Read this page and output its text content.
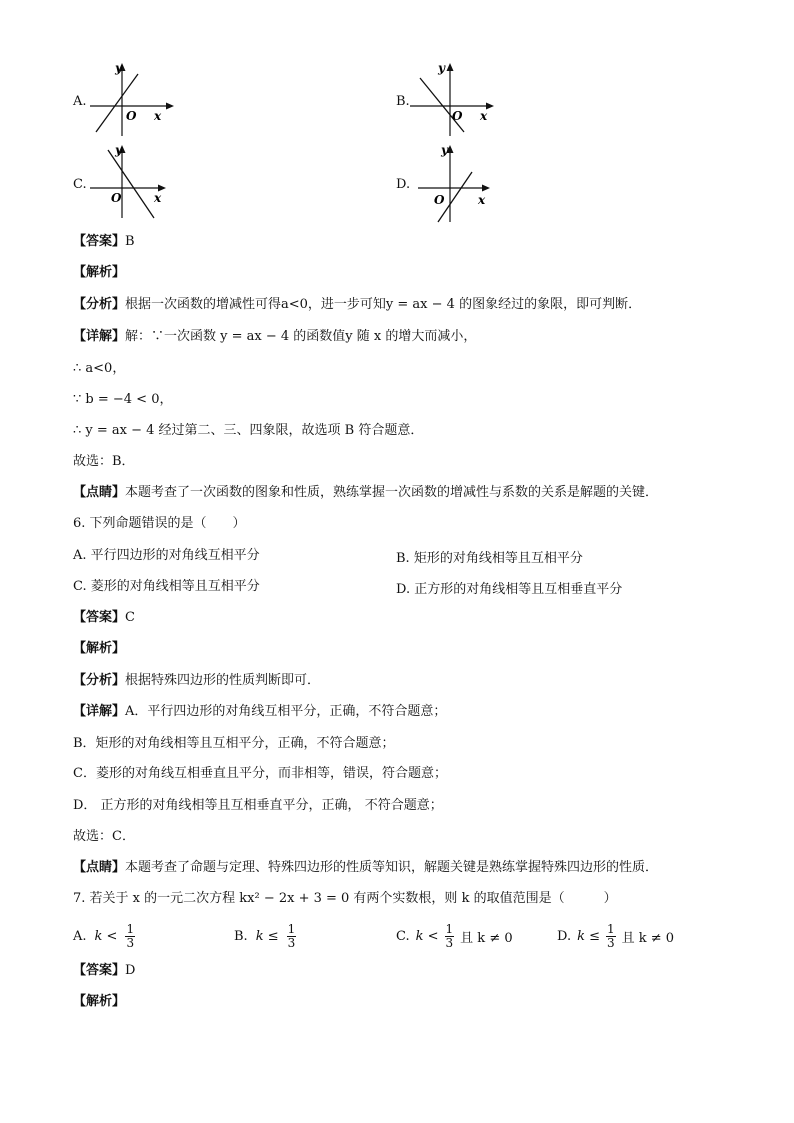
A.
y
O x
B.
y
O x
C.
y
O	x
D.
y
O	x
【答案】B
【解析】
【分析】根据一次函数的增减性可得a<0，进一步可知y = ax − 4 的图象经过的象限，即可判断．
【详解】解：∵一次函数 y = ax − 4 的函数值y 随 x 的增大而减小，
∴ a<0，
∵ b = −4 < 0，
∴ y = ax − 4 经过第二、三、四象限，故选项 B 符合题意．
故选：B．
【点睛】本题考查了一次函数的图象和性质，熟练掌握一次函数的增减性与系数的关系是解题的关键．
6. 下列命题错误的是（　　）
A. 平行四边形的对角线互相平分	B. 矩形的对角线相等且互相平分
C. 菱形的对角线相等且互相平分	D. 正方形的对角线相等且互相垂直平分
【答案】C
【解析】
【分析】根据特殊四边形的性质判断即可．
【详解】A．平行四边形的对角线互相平分，正确，不符合题意；
B．矩形的对角线相等且互相平分，正确，不符合题意；
C．菱形的对角线互相垂直且平分，而非相等，错误，符合题意；
D． 正方形的对角线相等且互相垂直平分，正确， 不符合题意；
故选：C．
【点睛】本题考查了命题与定理、特殊四边形的性质等知识，解题关键是熟练掌握特殊四边形的性质．
7. 若关于 x 的一元二次方程 kx² − 2x + 3 = 0 有两个实数根，则 k 的取值范围是（　　　）
A. $k < \frac{1}{3}$	B. $k \le \frac{1}{3}$	C. $k < \frac{1}{3}$ 且 k ≠ 0	D. $k \le \frac{1}{3}$ 且 k ≠ 0
【答案】D
【解析】
